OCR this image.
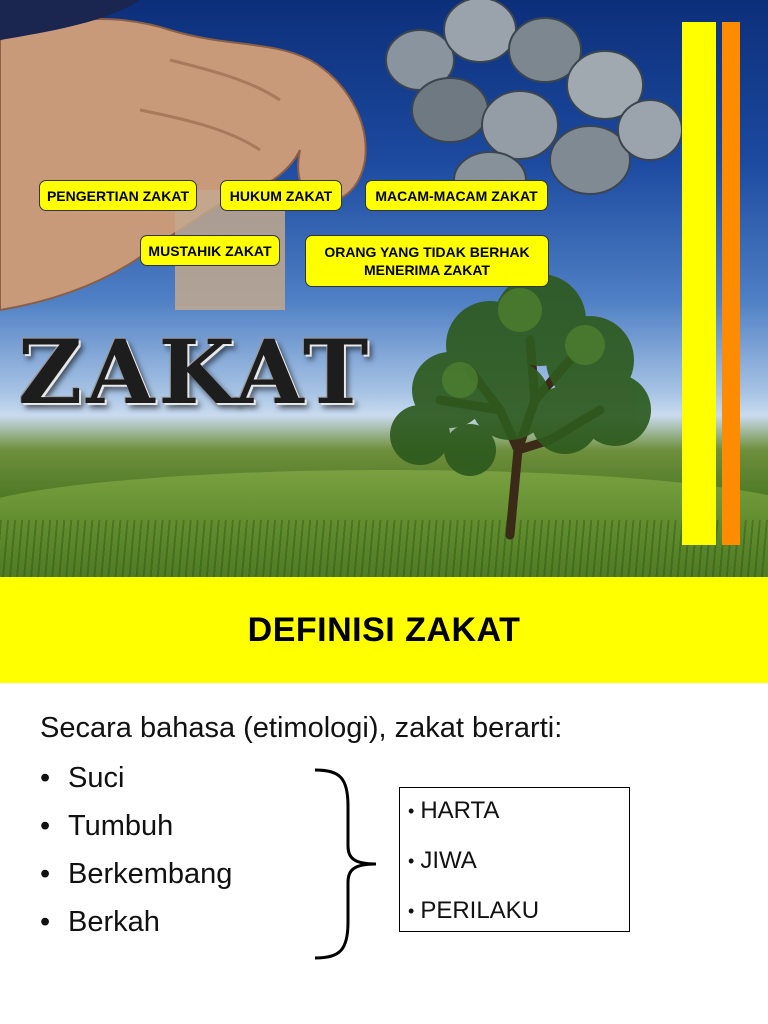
ZAKAT
PENGERTIAN ZAKAT	HUKUM ZAKAT	MACAM-MACAM ZAKAT
MUSTAHIK ZAKAT	ORANG YANG TIDAK BERHAK MENERIMA ZAKAT
DEFINISI ZAKAT
Secara bahasa (etimologi), zakat berarti:
• Suci
• Tumbuh
• Berkembang
• Berkah
• HARTA
• JIWA
• PERILAKU
